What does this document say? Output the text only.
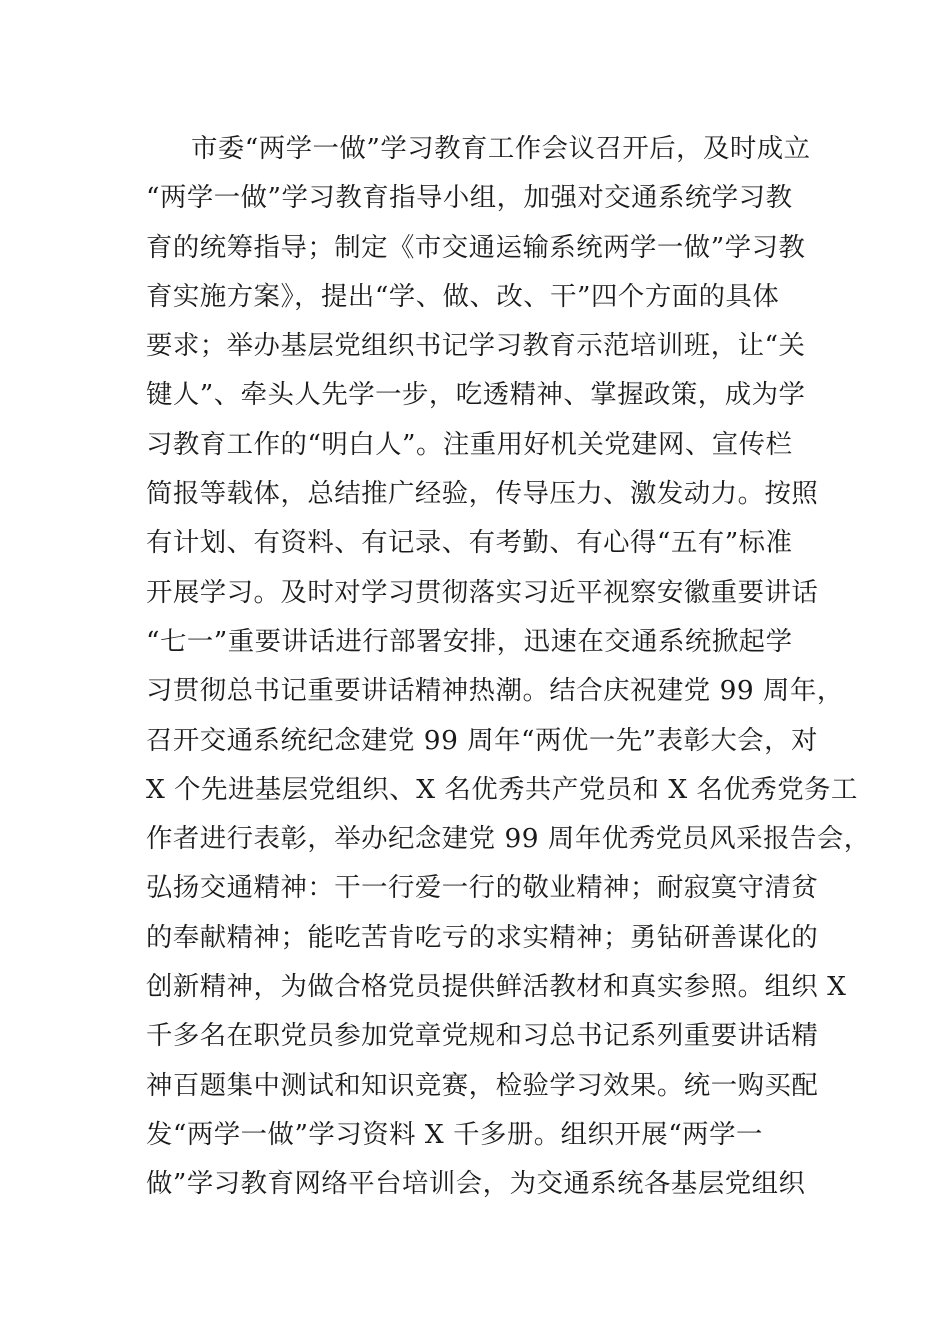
市委“两学一做”学习教育工作会议召开后，及时成立
“两学一做”学习教育指导小组，加强对交通系统学习教
育的统筹指导；制定《市交通运输系统两学一做”学习教
育实施方案》，提出“学、做、改、干”四个方面的具体
要求；举办基层党组织书记学习教育示范培训班，让“关
键人”、牵头人先学一步，吃透精神、掌握政策，成为学
习教育工作的“明白人”。注重用好机关党建网、宣传栏
简报等载体，总结推广经验，传导压力、激发动力。按照
有计划、有资料、有记录、有考勤、有心得“五有”标准
开展学习。及时对学习贯彻落实习近平视察安徽重要讲话
“七一”重要讲话进行部署安排，迅速在交通系统掀起学
习贯彻总书记重要讲话精神热潮。结合庆祝建党 99 周年，
召开交通系统纪念建党 99 周年“两优一先”表彰大会，对
X 个先进基层党组织、X 名优秀共产党员和 X 名优秀党务工
作者进行表彰，举办纪念建党 99 周年优秀党员风采报告会，
弘扬交通精神：干一行爱一行的敬业精神；耐寂寞守清贫
的奉献精神；能吃苦肯吃亏的求实精神；勇钻研善谋化的
创新精神，为做合格党员提供鲜活教材和真实参照。组织 X
千多名在职党员参加党章党规和习总书记系列重要讲话精
神百题集中测试和知识竞赛，检验学习效果。统一购买配
发“两学一做”学习资料 X 千多册。组织开展“两学一
做”学习教育网络平台培训会，为交通系统各基层党组织
